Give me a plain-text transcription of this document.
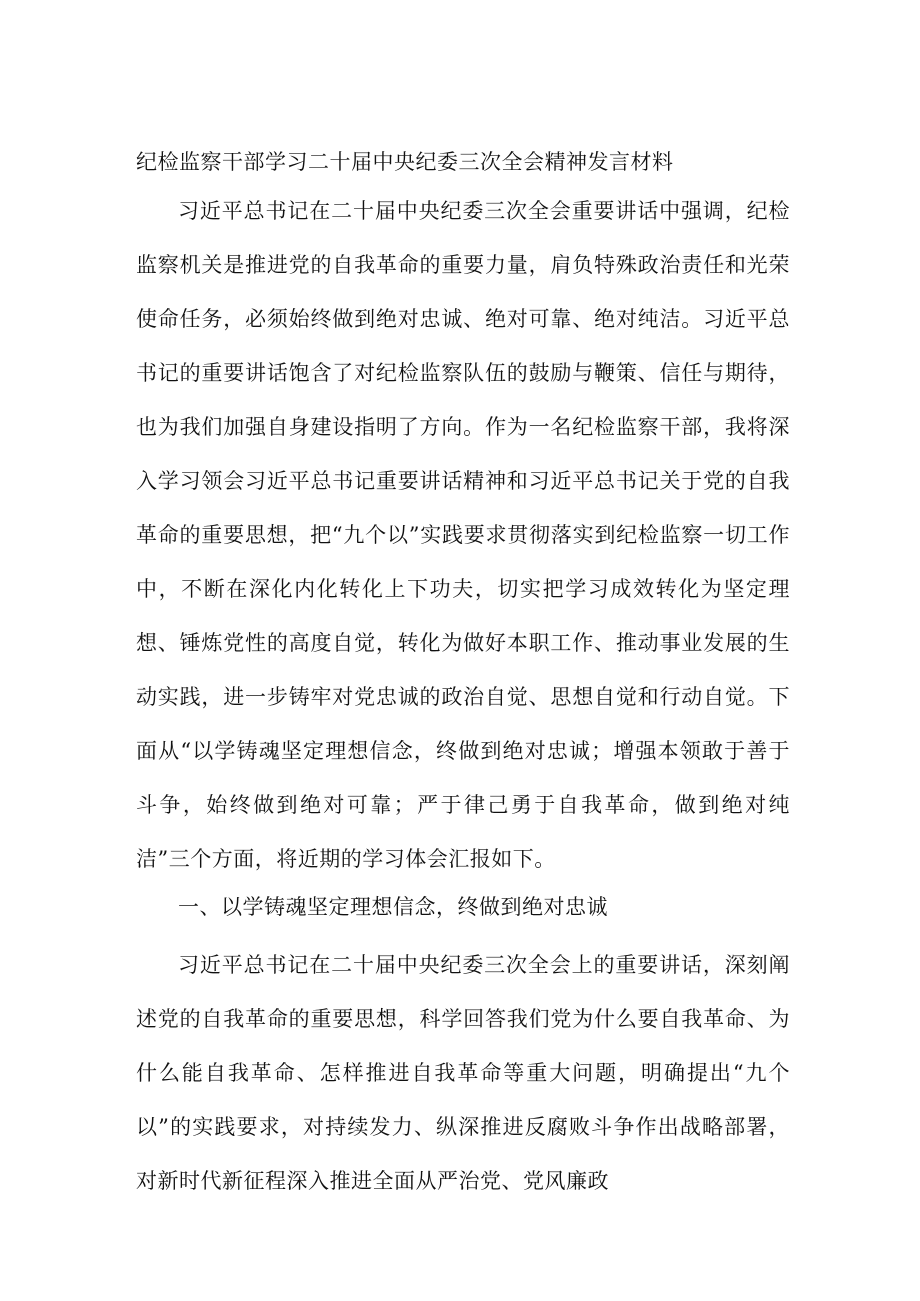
纪检监察干部学习二十届中央纪委三次全会精神发言材料

习近平总书记在二十届中央纪委三次全会重要讲话中强调，纪检监察机关是推进党的自我革命的重要力量，肩负特殊政治责任和光荣使命任务，必须始终做到绝对忠诚、绝对可靠、绝对纯洁。习近平总书记的重要讲话饱含了对纪检监察队伍的鼓励与鞭策、信任与期待，也为我们加强自身建设指明了方向。作为一名纪检监察干部，我将深入学习领会习近平总书记重要讲话精神和习近平总书记关于党的自我革命的重要思想，把“九个以”实践要求贯彻落实到纪检监察一切工作中，不断在深化内化转化上下功夫，切实把学习成效转化为坚定理想、锤炼党性的高度自觉，转化为做好本职工作、推动事业发展的生动实践，进一步铸牢对党忠诚的政治自觉、思想自觉和行动自觉。下面从“以学铸魂坚定理想信念，终做到绝对忠诚；增强本领敢于善于斗争，始终做到绝对可靠；严于律己勇于自我革命，做到绝对纯洁”三个方面，将近期的学习体会汇报如下。

一、以学铸魂坚定理想信念，终做到绝对忠诚

习近平总书记在二十届中央纪委三次全会上的重要讲话，深刻阐述党的自我革命的重要思想，科学回答我们党为什么要自我革命、为什么能自我革命、怎样推进自我革命等重大问题，明确提出“九个以”的实践要求，对持续发力、纵深推进反腐败斗争作出战略部署，对新时代新征程深入推进全面从严治党、党风廉政
